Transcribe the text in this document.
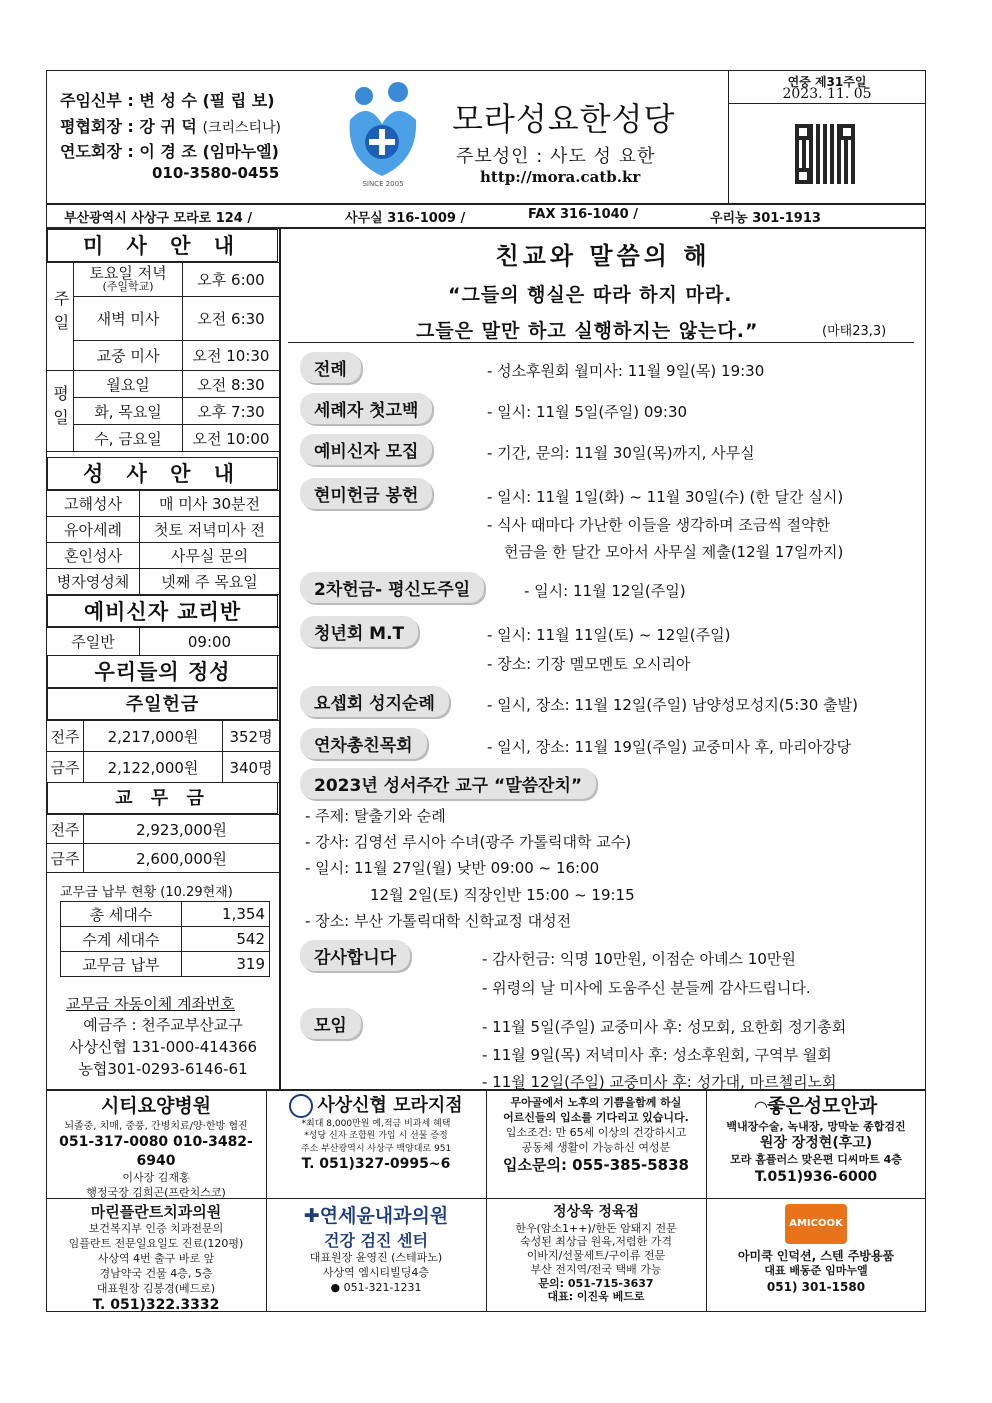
주임신부 : 변 성 수 (필 립 보)
평협회장 : 강 귀 덕 (크리스티나)
연도회장 : 이 경 조 (임마누엘)
010-3580-0455
SINCE 2005
모라성요한성당
주보성인 : 사도 성 요한
http://mora.catb.kr
연중 제31주일
2023. 11. 05
부산광역시 사상구 모라로 124 /	사무실 316-1009 /	FAX 316-1040 /	우리농 301-1913
미 사 안 내
주일	토요일 저녁
(주일학교)	오후 6:00
	새벽 미사	오전 6:30
	교중 미사	오전 10:30
평일	월요일	오전 8:30
	화, 목요일	오후 7:30
	수, 금요일	오전 10:00
성 사 안 내
고해성사	매 미사 30분전
유아세례	첫토 저녁미사 전
혼인성사	사무실 문의
병자영성체	넷째 주 목요일
예비신자 교리반
주일반	09:00
우리들의 정성
주일헌금
전주	2,217,000원	352명
금주	2,122,000원	340명
교 무 금
전주	2,923,000원
금주	2,600,000원
교무금 납부 현황 (10.29현재)
총 세대수	1,354
수계 세대수	542
교무금 납부	319
교무금 자동이체 계좌번호
예금주 : 천주교부산교구
사상신협 131-000-414366
농협301-0293-6146-61
친교와 말씀의 해
“그들의 행실은 따라 하지 마라.
그들은 말만 하고 실행하지는 않는다.”	(마태23,3)
전례	- 성소후원회 월미사: 11월 9일(목) 19:30
세례자 첫고백	- 일시: 11월 5일(주일) 09:30
예비신자 모집	- 기간, 문의: 11월 30일(목)까지, 사무실
현미헌금 봉헌	- 일시: 11월 1일(화) ~ 11월 30일(수) (한 달간 실시)
- 식사 때마다 가난한 이들을 생각하며 조금씩 절약한
헌금을 한 달간 모아서 사무실 제출(12월 17일까지)
2차헌금- 평신도주일	- 일시: 11월 12일(주일)
청년회 M.T	- 일시: 11월 11일(토) ~ 12일(주일)
- 장소: 기장 멜모멘토 오시리아
요셉회 성지순례	- 일시, 장소: 11월 12일(주일) 남양성모성지(5:30 출발)
연차총친목회	- 일시, 장소: 11월 19일(주일) 교중미사 후, 마리아강당
2023년 성서주간 교구 “말씀잔치”
- 주제: 탈출기와 순례
- 강사: 김영선 루시아 수녀(광주 가톨릭대학 교수)
- 일시: 11월 27일(월) 낮반 09:00 ~ 16:00
12월 2일(토) 직장인반 15:00 ~ 19:15
- 장소: 부산 가톨릭대학 신학교정 대성전
감사합니다	- 감사헌금: 익명 10만원, 이점순 아녜스 10만원
- 위령의 날 미사에 도움주신 분들께 감사드립니다.
모임	- 11월 5일(주일) 교중미사 후: 성모회, 요한회 정기총회
- 11월 9일(목) 저녁미사 후: 성소후원회, 구역부 월회
- 11월 12일(주일) 교중미사 후: 성가대, 마르첼리노회
시티요양병원
뇌졸중, 치매, 중풍, 간병치료/양·한방 협진
051-317-0080 010-3482-6940
이사장 김재홍
행정국장 김희곤(프란치스코)
사상신협 모라지점
*최대 8,000만원 예,적금 비과세 혜택
*성당 신자 조합원 가입 시 선물 증정
주소 부산광역시 사상구 백양대로 951
T. 051)327-0995~6
무아골에서 노후의 기쁨을함께 하실
어르신들의 입소를 기다리고 있습니다.
입소조건: 만 65세 이상의 건강하시고
공동체 생활이 가능하신 여성분
입소문의: 055-385-5838
◠좋은성모안과
백내장수술, 녹내장, 망막눈 종합검진
원장 장정현(후고)
모라 홈플러스 맞은편 디씨마트 4층
T.051)936-6000
마린플란트치과의원
보건복지부 인증 치과전문의
임플란트 전문일요일도 진료(120평)
사상역 4번 출구 바로 앞
경남약국 건물 4층, 5층
대표원장 김봉경(베드로)
T. 051)322.3332
✚연세윤내과의원
건강 검진 센터
대표원장 윤영진 (스테파노)
사상역 엠시티빌딩4층
● 051-321-1231
정상욱 정육점
한우(암소1++)/한돈 암돼지 전문
숙성된 최상급 원육,저렴한 가격
이바지/선물세트/구이류 전문
부산 전지역/전국 택배 가능
문의: 051-715-3637
대표: 이진욱 베드로
AMICOOK
아미쿡 인덕션, 스텐 주방용품
대표 배동준 임마누엘
051) 301-1580
